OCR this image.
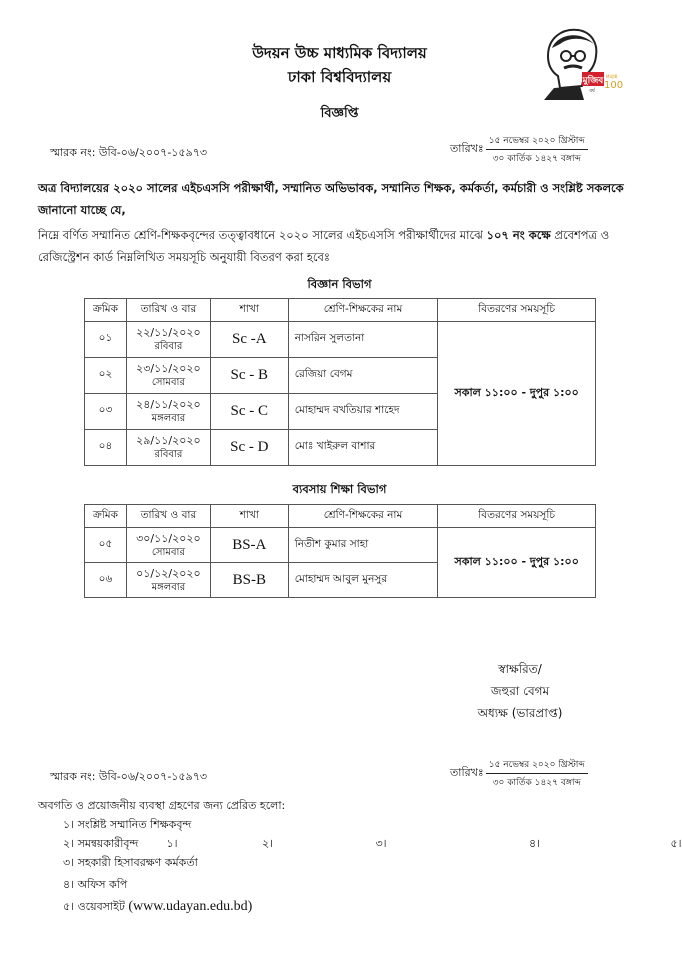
উদয়ন উচ্চ মাধ্যমিক বিদ্যালয়
ঢাকা বিশ্ববিদ্যালয়
বিজ্ঞপ্তি
মুজিব MUJIB
100
বর্ষ
স্মারক নং: উবি-০৬/২০০৭-১৫৯৭৩	তারিখঃ $\frac{\text{১৫ নভেম্বর ২০২০ খ্রিস্টাব্দ}}{\text{৩০ কার্তিক ১৪২৭ বঙ্গাব্দ}}$
অত্র বিদ্যালয়ের ২০২০ সালের এইচএসসি পরীক্ষার্থী, সম্মানিত অভিভাবক, সম্মানিত শিক্ষক, কর্মকর্তা, কর্মচারী ও সংশ্লিষ্ট সকলকে জানানো যাচ্ছে যে,
নিম্নে বর্ণিত সম্মানিত শ্রেণি-শিক্ষকবৃন্দের তত্ত্বাবধানে ২০২০ সালের এইচএসসি পরীক্ষার্থীদের মাঝে ১০৭ নং কক্ষে প্রবেশপত্র ও রেজিস্ট্রেশন কার্ড নিম্নলিখিত সময়সূচি অনুযায়ী বিতরণ করা হবেঃ
বিজ্ঞান বিভাগ
ক্রমিক	তারিখ ও বার	শাখা	শ্রেণি-শিক্ষকের নাম	বিতরণের সময়সূচি
০১	২২/১১/২০২০
রবিবার	Sc -A	নাসরিন সুলতানা	সকাল ১১:০০ - দুপুর ১:০০
০২	২৩/১১/২০২০
সোমবার	Sc - B	রেজিয়া বেগম	
০৩	২৪/১১/২০২০
মঙ্গলবার	Sc - C	মোহাম্মদ বখতিয়ার শাহেদ	
০৪	২৯/১১/২০২০
রবিবার	Sc - D	মোঃ খাইরুল বাশার	
ব্যবসায় শিক্ষা বিভাগ
ক্রমিক	তারিখ ও বার	শাখা	শ্রেণি-শিক্ষকের নাম	বিতরণের সময়সূচি
০৫	৩০/১১/২০২০
সোমবার	BS-A	নিতীশ কুমার সাহা	সকাল ১১:০০ - দুপুর ১:০০
০৬	০১/১২/২০২০
মঙ্গলবার	BS-B	মোহাম্মদ আবুল মুনসুর	
স্বাক্ষরিত/
জহুরা বেগম
অধ্যক্ষ (ভারপ্রাপ্ত)
স্মারক নং: উবি-০৬/২০০৭-১৫৯৭৩	তারিখঃ $\frac{\text{১৫ নভেম্বর ২০২০ খ্রিস্টাব্দ}}{\text{৩০ কার্তিক ১৪২৭ বঙ্গাব্দ}}$
অবগতি ও প্রয়োজনীয় ব্যবস্থা গ্রহণের জন্য প্রেরিত হলো:
১। সংশ্লিষ্ট সম্মানিত শিক্ষকবৃন্দ
২। সমন্বয়কারীবৃন্দ	১।	২।	৩।	৪।	৫।
৩। সহকারী হিসাবরক্ষণ কর্মকর্তা
৪। অফিস কপি
৫। ওয়েবসাইট (www.udayan.edu.bd)
